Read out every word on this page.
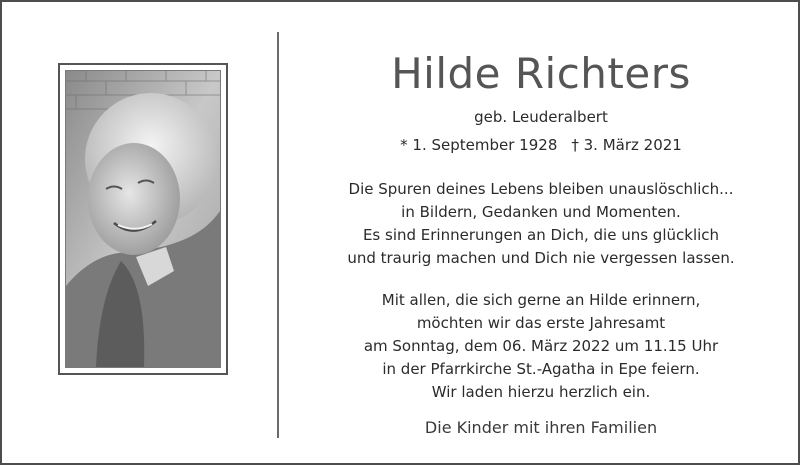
Hilde Richters
geb. Leuderalbert
* 1. September 1928 † 3. März 2021
Die Spuren deines Lebens bleiben unauslöschlich...
in Bildern, Gedanken und Momenten.
Es sind Erinnerungen an Dich, die uns glücklich
und traurig machen und Dich nie vergessen lassen.
Mit allen, die sich gerne an Hilde erinnern,
möchten wir das erste Jahresamt
am Sonntag, dem 06. März 2022 um 11.15 Uhr
in der Pfarrkirche St.-Agatha in Epe feiern.
Wir laden hierzu herzlich ein.
Die Kinder mit ihren Familien
